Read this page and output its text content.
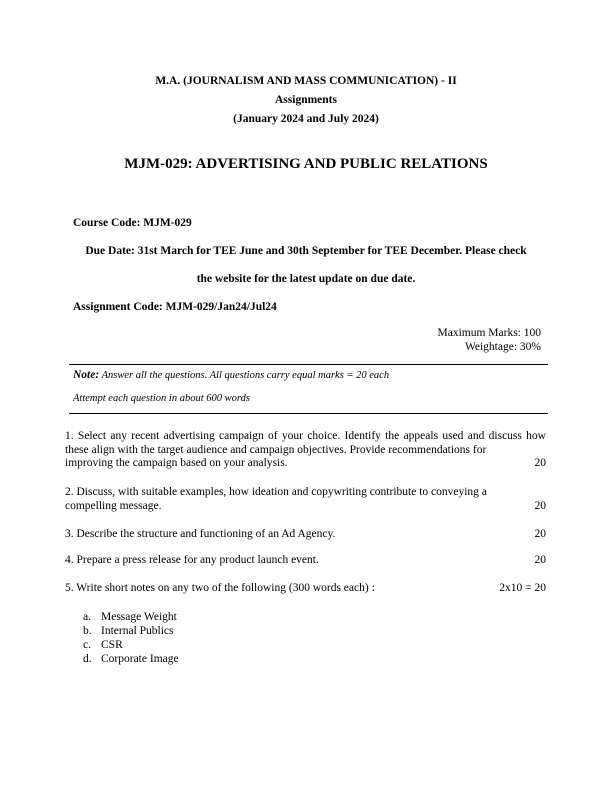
M.A. (JOURNALISM AND MASS COMMUNICATION) - II
Assignments
(January 2024 and July 2024)
MJM-029: ADVERTISING AND PUBLIC RELATIONS
Course Code: MJM-029
Due Date: 31st March for TEE June and 30th September for TEE December. Please check
the website for the latest update on due date.
Assignment Code: MJM-029/Jan24/Jul24
Maximum Marks: 100
Weightage: 30%
Note: Answer all the questions. All questions carry equal marks = 20 each
Attempt each question in about 600 words
1. Select any recent advertising campaign of your choice. Identify the appeals used and discuss how these align with the target audience and campaign objectives. Provide recommendations for
improving the campaign based on your analysis.	20
2. Discuss, with suitable examples, how ideation and copywriting contribute to conveying a
compelling message.	20
3. Describe the structure and functioning of an Ad Agency.	20
4. Prepare a press release for any product launch event.	20
5. Write short notes on any two of the following (300 words each) :	2x10 = 20
a. Message Weight
b. Internal Publics
c. CSR
d. Corporate Image
